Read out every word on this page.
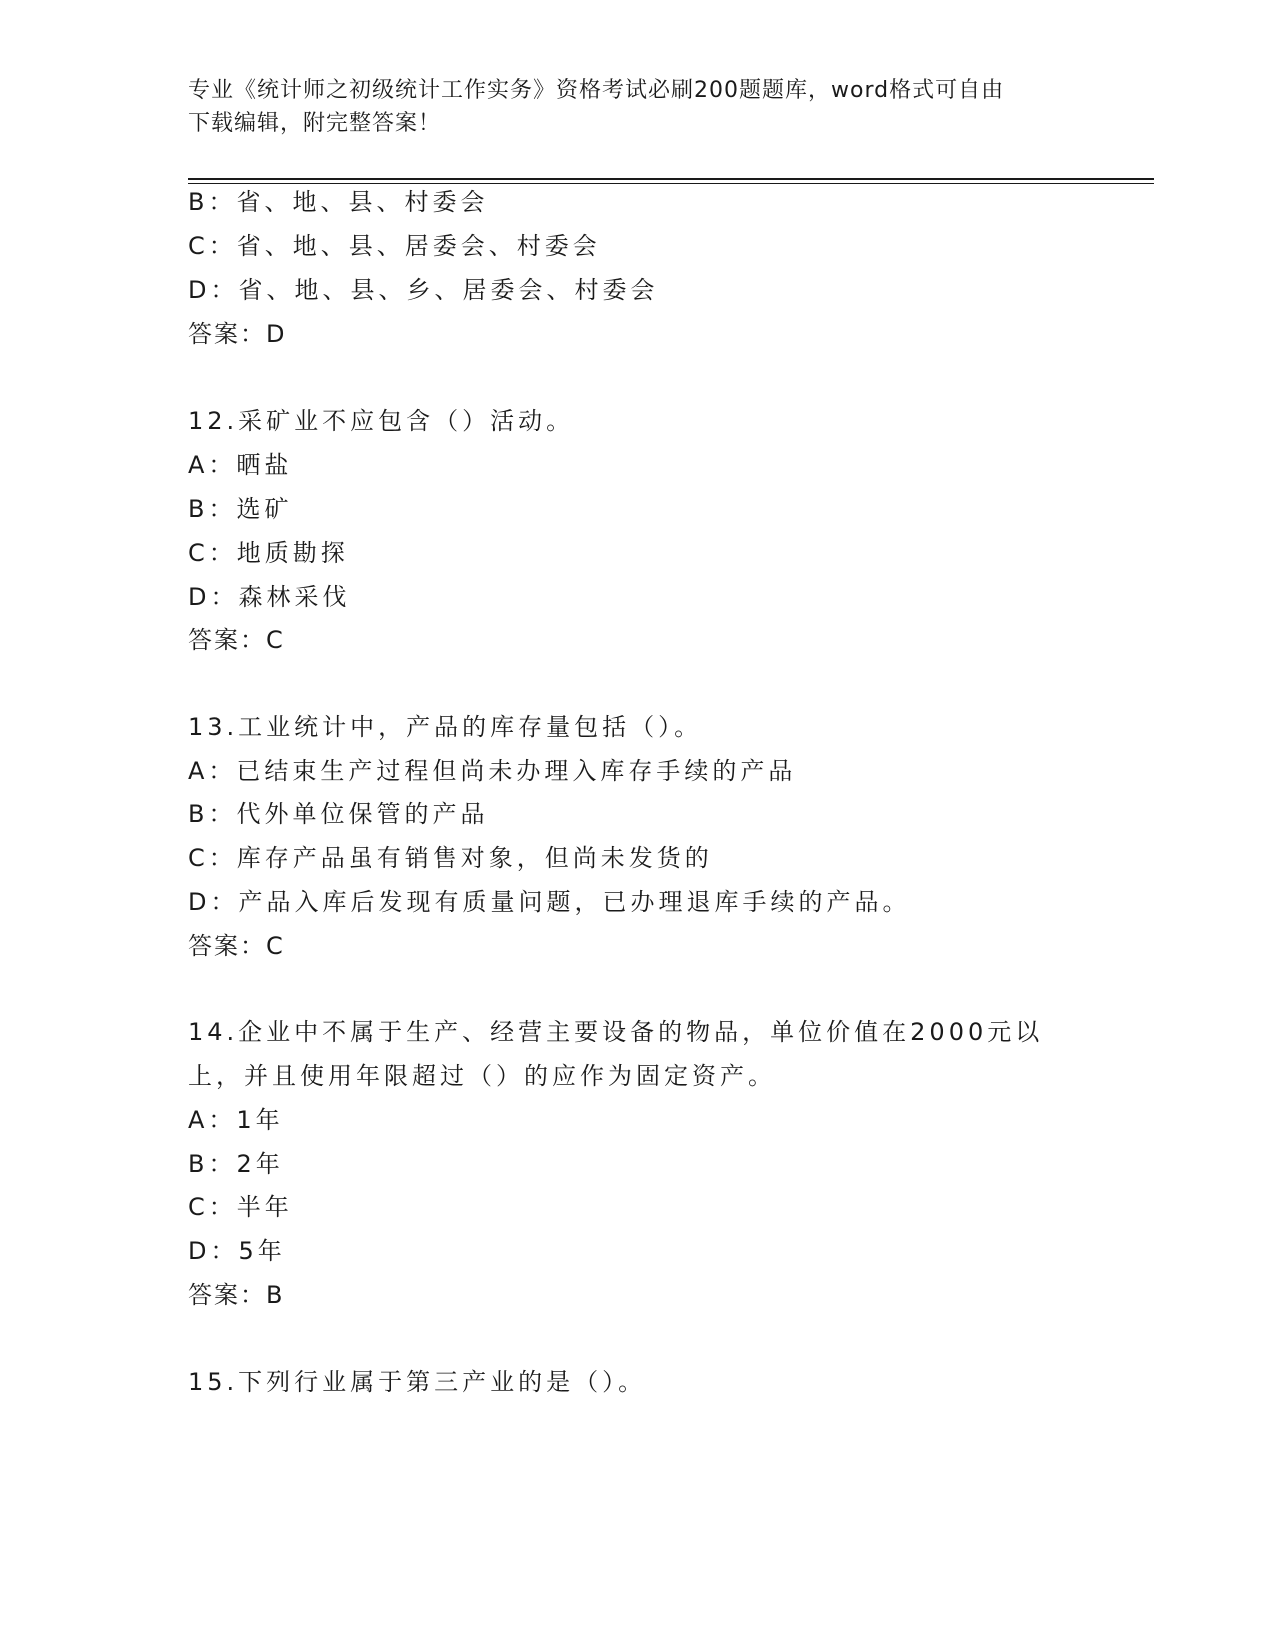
专业《统计师之初级统计工作实务》资格考试必刷200题题库，word格式可自由
下载编辑，附完整答案！
B：省、地、县、村委会
C：省、地、县、居委会、村委会
D：省、地、县、乡、居委会、村委会
答案：D
12.采矿业不应包含（）活动。
A：晒盐
B：选矿
C：地质勘探
D：森林采伐
答案：C
13.工业统计中，产品的库存量包括（）。
A：已结束生产过程但尚未办理入库存手续的产品
B：代外单位保管的产品
C：库存产品虽有销售对象，但尚未发货的
D：产品入库后发现有质量问题，已办理退库手续的产品。
答案：C
14.企业中不属于生产、经营主要设备的物品，单位价值在2000元以
上，并且使用年限超过（）的应作为固定资产。
A：1年
B：2年
C：半年
D：5年
答案：B
15.下列行业属于第三产业的是（）。
